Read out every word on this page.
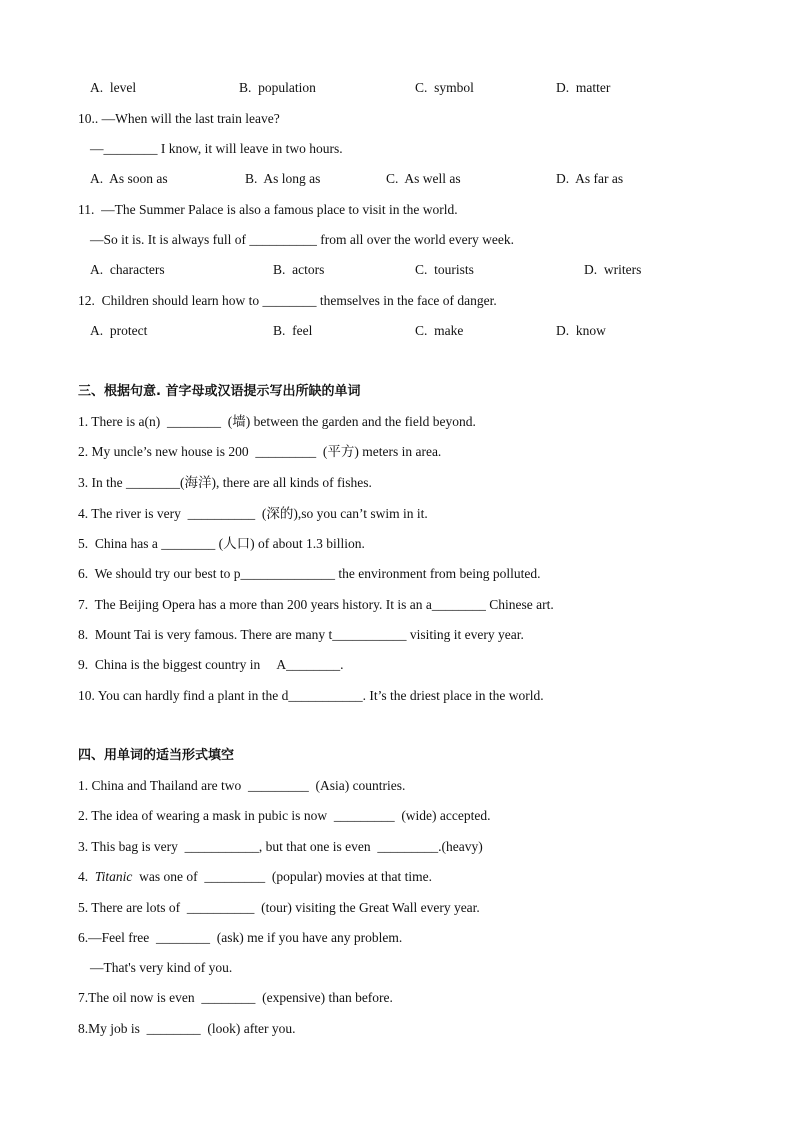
A.  level	B.  population	C.  symbol	D.  matter
10.. —When will the last train leave?
—________ I know, it will leave in two hours.
A.  As soon as	B.  As long as	C.  As well as	D.  As far as
11.  —The Summer Palace is also a famous place to visit in the world.
—So it is. It is always full of __________ from all over the world every week.
A.  characters	B.  actors	C.  tourists	D.  writers
12.  Children should learn how to ________ themselves in the face of danger.
A.  protect	B.  feel	C.  make	D.  know
三、根据句意. 首字母或汉语提示写出所缺的单词
1. There is a(n)  ________  (墙) between the garden and the field beyond.
2. My uncle’s new house is 200  _________  (平方) meters in area.
3. In the ________(海洋), there are all kinds of fishes.
4. The river is very  __________  (深的),so you can’t swim in it.
5.  China has a ________ (人口) of about 1.3 billion.
6.  We should try our best to p______________ the environment from being polluted.
7.  The Beijing Opera has a more than 200 years history. It is an a________ Chinese art.
8.  Mount Tai is very famous. There are many t___________ visiting it every year.
9.  China is the biggest country in     A________.
10. You can hardly find a plant in the d___________. It’s the driest place in the world.
四、用单词的适当形式填空
1. China and Thailand are two  _________  (Asia) countries.
2. The idea of wearing a mask in pubic is now  _________  (wide) accepted.
3. This bag is very  ___________, but that one is even  _________.(heavy)
4.  Titanic  was one of  _________  (popular) movies at that time.
5. There are lots of  __________  (tour) visiting the Great Wall every year.
6.—Feel free  ________  (ask) me if you have any problem.
—That's very kind of you.
7.The oil now is even  ________  (expensive) than before.
8.My job is  ________  (look) after you.
